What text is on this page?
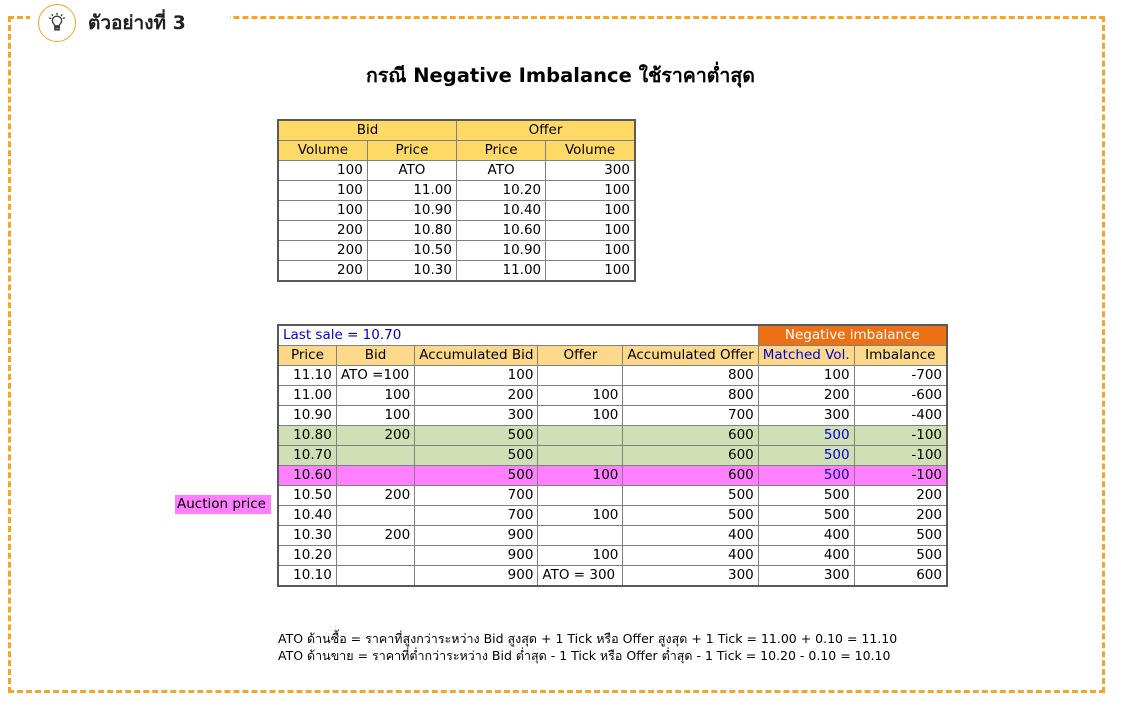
ตัวอย่างที่ 3
กรณี Negative Imbalance ใช้ราคาต่ำสุด
Bid		Offer	
Volume	Price	Price	Volume
100	ATO	ATO	300
100	11.00	10.20	100
100	10.90	10.40	100
200	10.80	10.60	100
200	10.50	10.90	100
200	10.30	11.00	100
Last sale = 10.70					Negative imbalance	
Price	Bid	Accumulated Bid	Offer	Accumulated Offer	Matched Vol.	Imbalance
11.10	ATO =100	100		800	100	-700
11.00	100	200	100	800	200	-600
10.90	100	300	100	700	300	-400
10.80	200	500		600	500	-100
10.70		500		600	500	-100
10.60		500	100	600	500	-100
10.50	200	700		500	500	200
10.40		700	100	500	500	200
10.30	200	900		400	400	500
10.20		900	100	400	400	500
10.10		900	ATO = 300	300	300	600
Auction price
ATO ด้านซื้อ = ราคาที่สูงกว่าระหว่าง Bid สูงสุด + 1 Tick หรือ Offer สูงสุด + 1 Tick = 11.00 + 0.10 = 11.10
ATO ด้านขาย = ราคาที่ต่ำกว่าระหว่าง Bid ต่ำสุด - 1 Tick หรือ Offer ต่ำสุด - 1 Tick = 10.20 - 0.10 = 10.10
